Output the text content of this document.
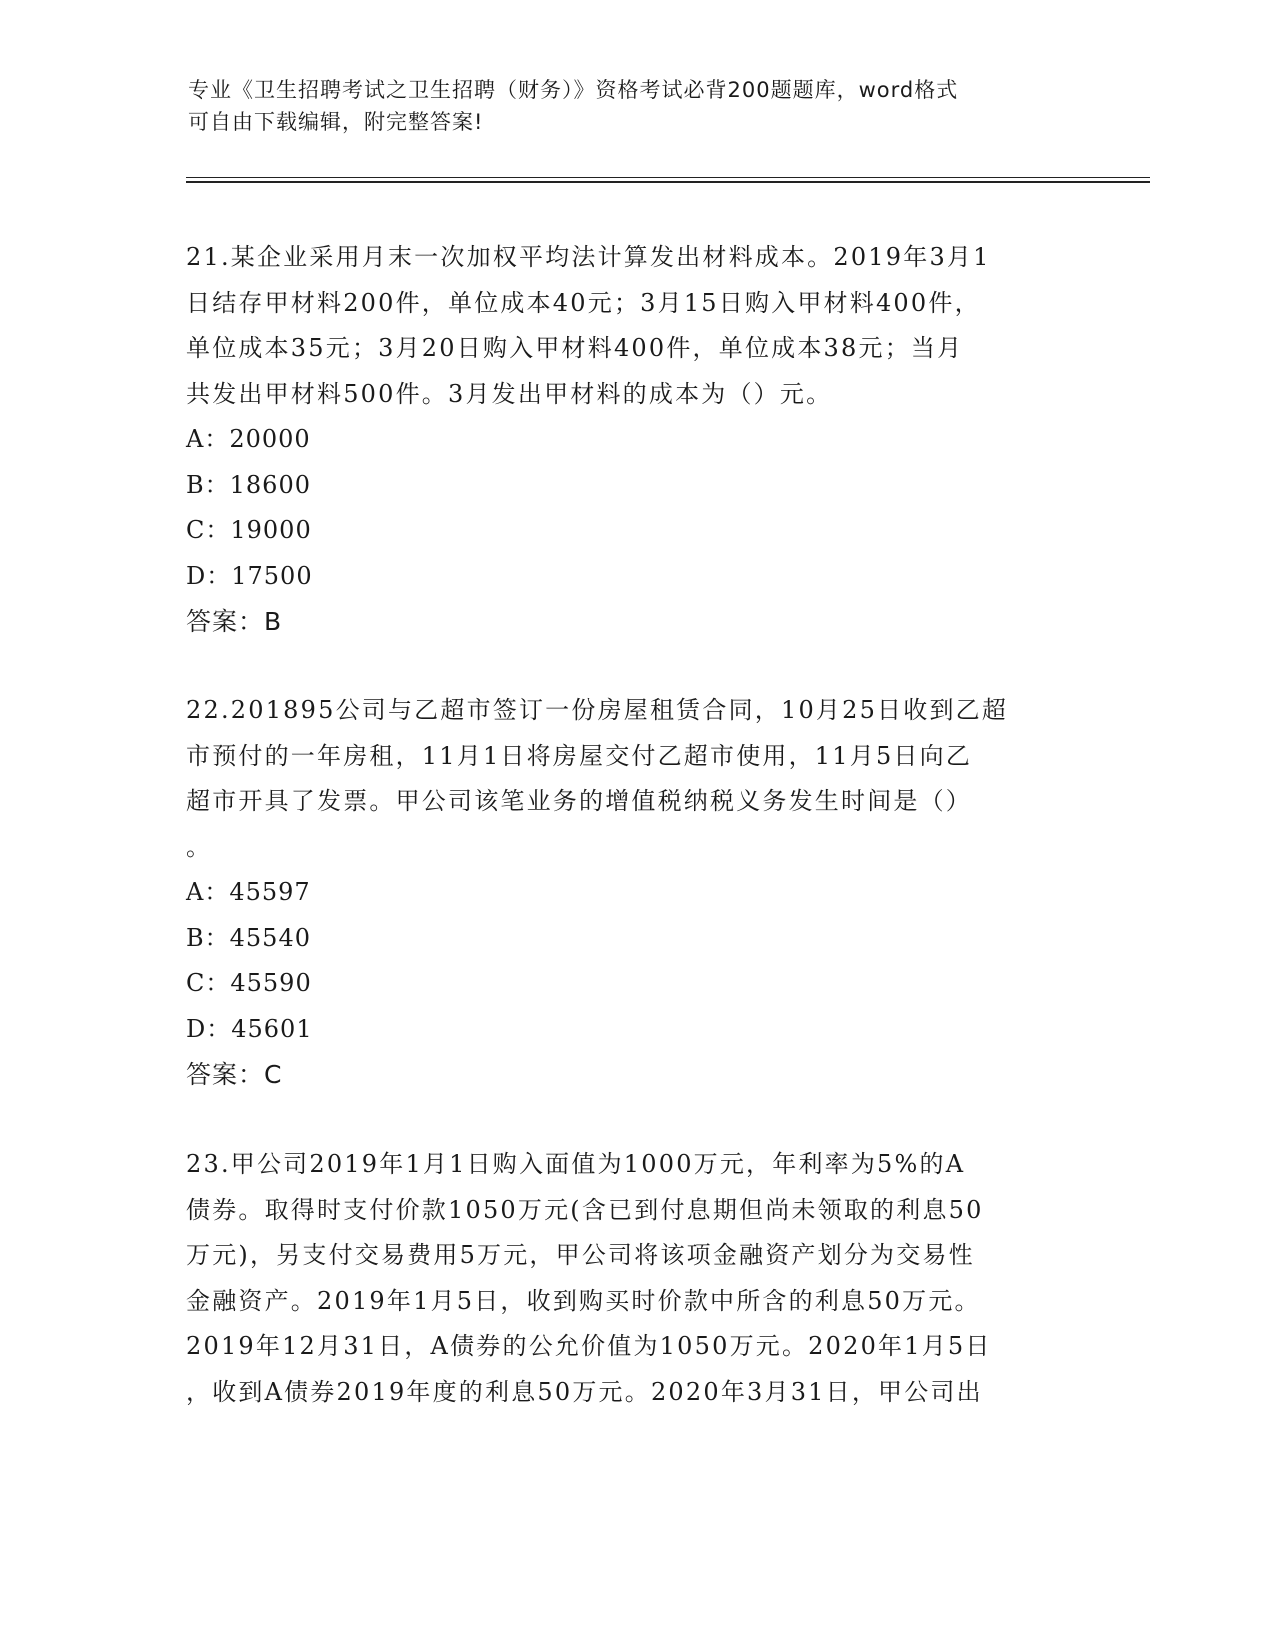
专业《卫生招聘考试之卫生招聘（财务）》资格考试必背200题题库，word格式
可自由下载编辑，附完整答案!
21.某企业采用月末一次加权平均法计算发出材料成本。2019年3月1
日结存甲材料200件，单位成本40元；3月15日购入甲材料400件，
单位成本35元；3月20日购入甲材料400件，单位成本38元；当月
共发出甲材料500件。3月发出甲材料的成本为（）元。
A：20000
B：18600
C：19000
D：17500
答案：B
22.201895公司与乙超市签订一份房屋租赁合同，10月25日收到乙超
市预付的一年房租，11月1日将房屋交付乙超市使用，11月5日向乙
超市开具了发票。甲公司该笔业务的增值税纳税义务发生时间是（）
。
A：45597
B：45540
C：45590
D：45601
答案：C
23.甲公司2019年1月1日购入面值为1000万元，年利率为5%的A
债券。取得时支付价款1050万元(含已到付息期但尚未领取的利息50
万元)，另支付交易费用5万元，甲公司将该项金融资产划分为交易性
金融资产。2019年1月5日，收到购买时价款中所含的利息50万元。
2019年12月31日，A债券的公允价值为1050万元。2020年1月5日
，收到A债券2019年度的利息50万元。2020年3月31日，甲公司出
